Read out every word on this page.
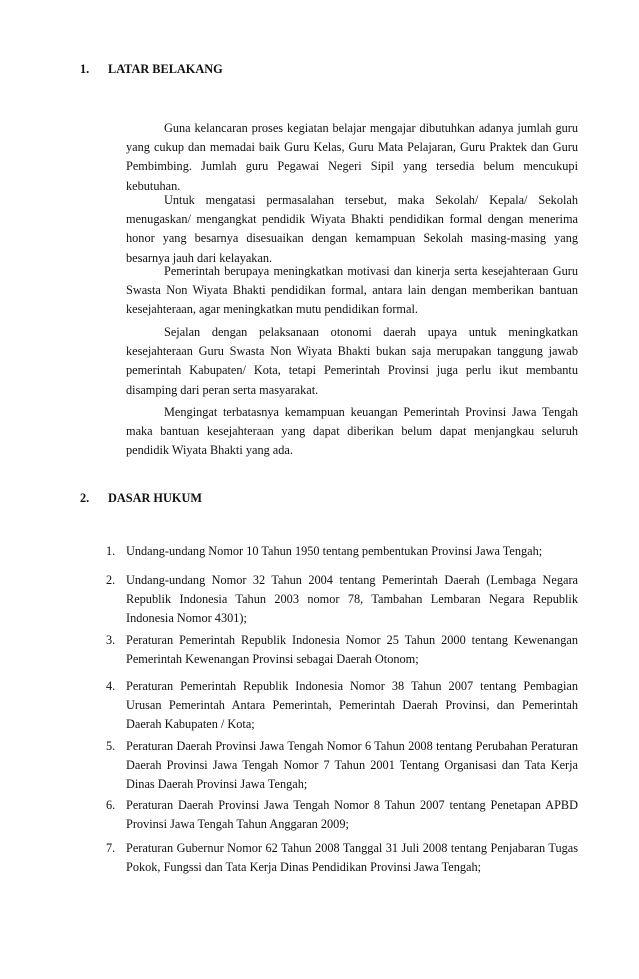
1. LATAR BELAKANG

Guna kelancaran proses kegiatan belajar mengajar dibutuhkan adanya jumlah guru yang cukup dan memadai baik Guru Kelas, Guru Mata Pelajaran, Guru Praktek dan Guru Pembimbing. Jumlah guru Pegawai Negeri Sipil yang tersedia belum mencukupi kebutuhan.

Untuk mengatasi permasalahan tersebut, maka Sekolah/ Kepala/ Sekolah menugaskan/ mengangkat pendidik Wiyata Bhakti pendidikan formal dengan menerima honor yang besarnya disesuaikan dengan kemampuan Sekolah masing-masing yang besarnya jauh dari kelayakan.

Pemerintah berupaya meningkatkan motivasi dan kinerja serta kesejahteraan Guru Swasta Non Wiyata Bhakti pendidikan formal, antara lain dengan memberikan bantuan kesejahteraan, agar meningkatkan mutu pendidikan formal.

Sejalan dengan pelaksanaan otonomi daerah upaya untuk meningkatkan kesejahteraan Guru Swasta Non Wiyata Bhakti bukan saja merupakan tanggung jawab pemerintah Kabupaten/ Kota, tetapi Pemerintah Provinsi juga perlu ikut membantu disamping dari peran serta masyarakat.

Mengingat terbatasnya kemampuan keuangan Pemerintah Provinsi Jawa Tengah maka bantuan kesejahteraan yang dapat diberikan belum dapat menjangkau seluruh pendidik Wiyata Bhakti yang ada.

2. DASAR HUKUM
1. Undang-undang Nomor 10 Tahun 1950 tentang pembentukan Provinsi Jawa Tengah;
2. Undang-undang Nomor 32 Tahun 2004 tentang Pemerintah Daerah (Lembaga Negara Republik Indonesia Tahun 2003 nomor 78, Tambahan Lembaran Negara Republik Indonesia Nomor 4301);
3. Peraturan Pemerintah Republik Indonesia Nomor 25 Tahun 2000 tentang Kewenangan Pemerintah Kewenangan Provinsi sebagai Daerah Otonom;
4. Peraturan Pemerintah Republik Indonesia Nomor 38 Tahun 2007 tentang Pembagian Urusan Pemerintah Antara Pemerintah, Pemerintah Daerah Provinsi, dan Pemerintah Daerah Kabupaten / Kota;
5. Peraturan Daerah Provinsi Jawa Tengah Nomor 6 Tahun 2008 tentang Perubahan Peraturan Daerah Provinsi Jawa Tengah Nomor 7 Tahun 2001 Tentang Organisasi dan Tata Kerja Dinas Daerah Provinsi Jawa Tengah;
6. Peraturan Daerah Provinsi Jawa Tengah Nomor 8 Tahun 2007 tentang Penetapan APBD Provinsi Jawa Tengah Tahun Anggaran 2009;
7. Peraturan Gubernur Nomor 62 Tahun 2008 Tanggal 31 Juli 2008 tentang Penjabaran Tugas Pokok, Fungssi dan Tata Kerja Dinas Pendidikan Provinsi Jawa Tengah;
